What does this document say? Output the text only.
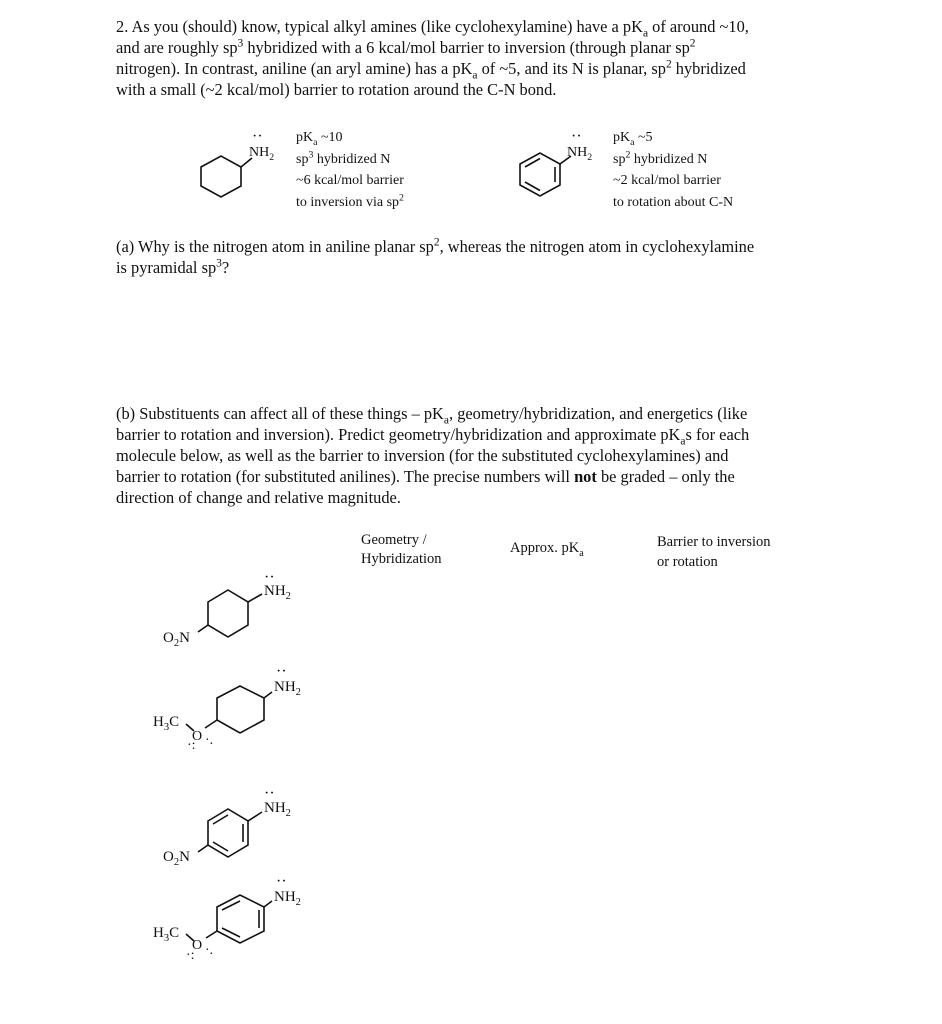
2. As you (should) know, typical alkyl amines (like cyclohexylamine) have a $pK_a$ of around ~10,

and are roughly $sp^3$ hybridized with a 6 kcal/mol barrier to inversion (through planar $sp^2$

nitrogen). In contrast, aniline (an aryl amine) has a $pK_a$ of ~5, and its N is planar, $sp^2$ hybridized

with a small (~2 kcal/mol) barrier to rotation around the C-N bond.

··	··
··
··
·: ·.
··
··
·: ·.
$NH_2$
$pK_a$ ~10
$sp^3$ hybridized N
~6 kcal/mol barrier
to inversion via $sp^2$
$NH_2$
$pK_a$ ~5
$sp^2$ hybridized N
~2 kcal/mol barrier
to rotation about C-N

(a) Why is the nitrogen atom in aniline planar $sp^2$, whereas the nitrogen atom in cyclohexylamine

is pyramidal $sp^3$?

(b) Substituents can affect all of these things – $pK_a$, geometry/hybridization, and energetics (like

barrier to rotation and inversion). Predict geometry/hybridization and approximate $pK_as$ for each

molecule below, as well as the barrier to inversion (for the substituted cyclohexylamines) and

barrier to rotation (for substituted anilines). The precise numbers will not be graded – only the

direction of change and relative magnitude.

Geometry /
Hybridization
Approx. $pK_a$
Barrier to inversion
or rotation
$NH_2$
$O_2N$
$NH_2$
$H_3C$
O
$NH_2$
$O_2N$
$NH_2$
$H_3C$
O
